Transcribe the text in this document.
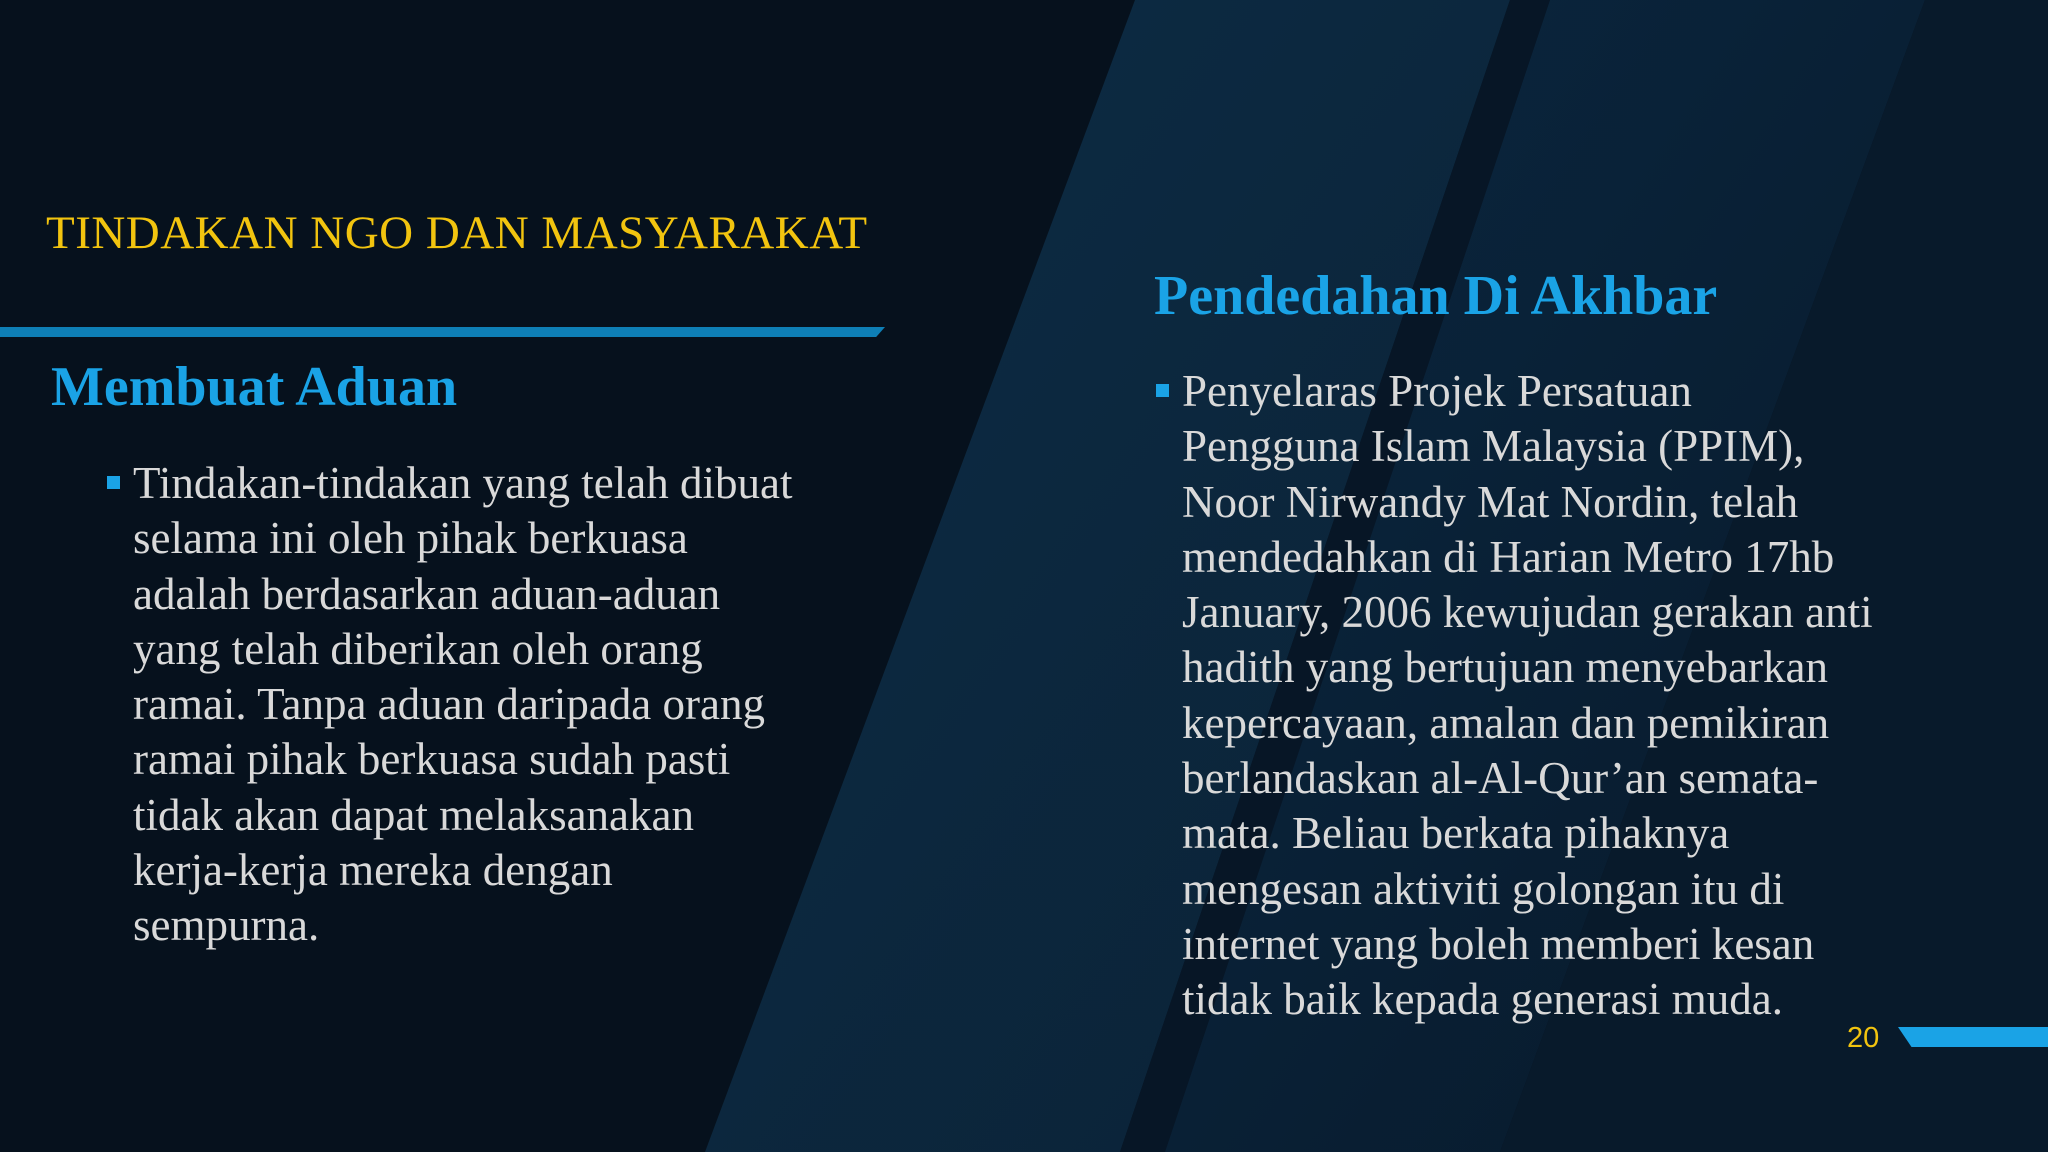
TINDAKAN NGO DAN MASYARAKAT
Membuat Aduan
Tindakan-tindakan yang telah dibuat
selama ini oleh pihak berkuasa
adalah berdasarkan aduan-aduan
yang telah diberikan oleh orang
ramai. Tanpa aduan daripada orang
ramai pihak berkuasa sudah pasti
tidak akan dapat melaksanakan
kerja-kerja mereka dengan
sempurna.
Pendedahan Di Akhbar
Penyelaras Projek Persatuan
Pengguna Islam Malaysia (PPIM),
Noor Nirwandy Mat Nordin, telah
mendedahkan di Harian Metro 17hb
January, 2006 kewujudan gerakan anti
hadith yang bertujuan menyebarkan
kepercayaan, amalan dan pemikiran
berlandaskan al-Al-Qur’an semata-
mata. Beliau berkata pihaknya
mengesan aktiviti golongan itu di
internet yang boleh memberi kesan
tidak baik kepada generasi muda.
20
